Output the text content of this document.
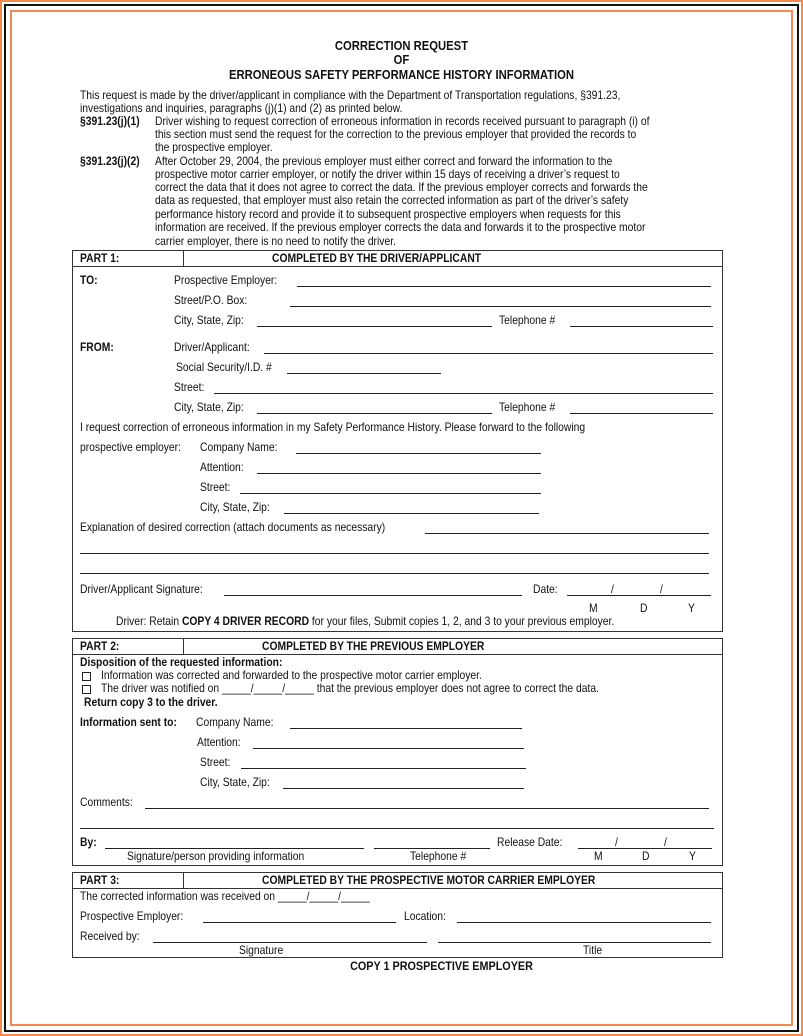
CORRECTION REQUEST
OF
ERRONEOUS SAFETY PERFORMANCE HISTORY INFORMATION
This request is made by the driver/applicant in compliance with the Department of Transportation regulations, §391.23,
investigations and inquiries, paragraphs (j)(1) and (2) as printed below.
§391.23(j)(1) Driver wishing to request correction of erroneous information in records received pursuant to paragraph (i) of
this section must send the request for the correction to the previous employer that provided the records to
the prospective employer.
§391.23(j)(2) After October 29, 2004, the previous employer must either correct and forward the information to the
prospective motor carrier employer, or notify the driver within 15 days of receiving a driver’s request to
correct the data that it does not agree to correct the data. If the previous employer corrects and forwards the
data as requested, that employer must also retain the corrected information as part of the driver’s safety
performance history record and provide it to subsequent prospective employers when requests for this
information are received. If the previous employer corrects the data and forwards it to the prospective motor
carrier employer, there is no need to notify the driver.
PART 1:	COMPLETED BY THE DRIVER/APPLICANT
TO:	Prospective Employer:
Street/P.O. Box:
City, State, Zip:	Telephone #
FROM:	Driver/Applicant:
Social Security/I.D. #
Street:
City, State, Zip:	Telephone #
I request correction of erroneous information in my Safety Performance History. Please forward to the following
prospective employer: Company Name:
Attention:
Street:
City, State, Zip:
Explanation of desired correction (attach documents as necessary)
Driver/Applicant Signature:	Date:	/	/
M	D	Y
Driver: Retain COPY 4 DRIVER RECORD for your files, Submit copies 1, 2, and 3 to your previous employer.
PART 2:	COMPLETED BY THE PREVIOUS EMPLOYER
Disposition of the requested information:
Information was corrected and forwarded to the prospective motor carrier employer.
The driver was notified on _____/_____/_____ that the previous employer does not agree to correct the data.
Return copy 3 to the driver.
Information sent to: Company Name:
Attention:
Street:
City, State, Zip:
Comments:
By:	Release Date:	/	/
Signature/person providing information	Telephone #	M	D	Y
PART 3:	COMPLETED BY THE PROSPECTIVE MOTOR CARRIER EMPLOYER
The corrected information was received on _____/_____/_____
Prospective Employer:	Location:
Received by:
Signature	Title
COPY 1 PROSPECTIVE EMPLOYER
